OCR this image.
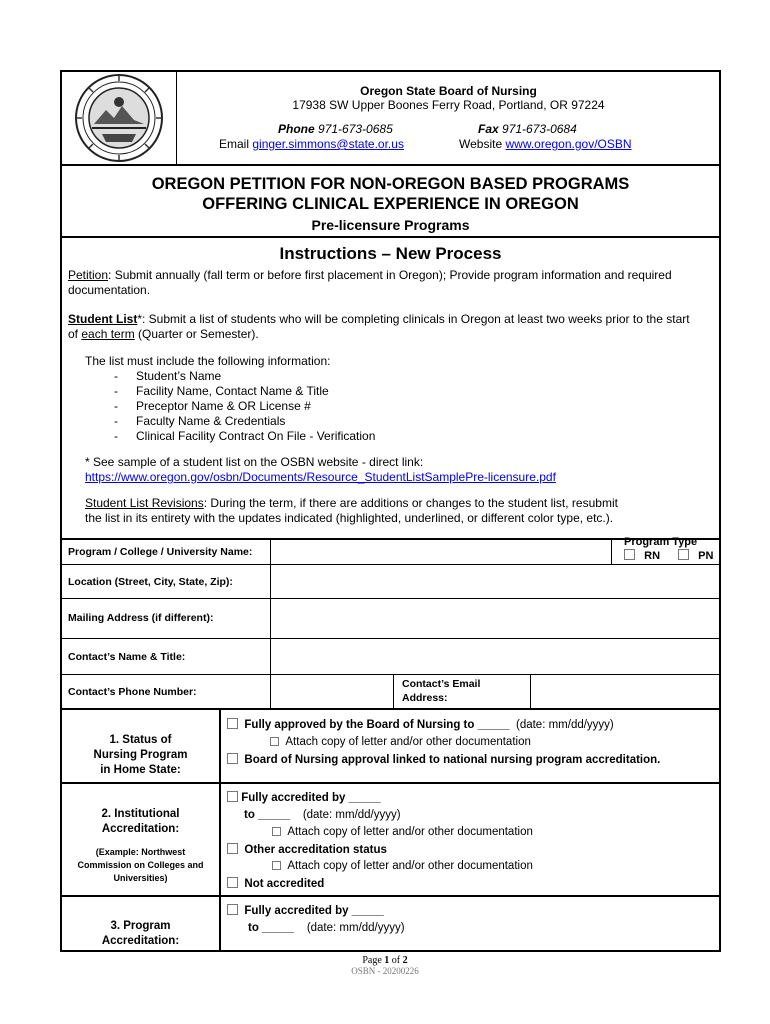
Oregon State Board of Nursing
17938 SW Upper Boones Ferry Road, Portland, OR 97224
Phone 971-673-0685	Fax 971-673-0684
Email ginger.simmons@state.or.us	Website www.oregon.gov/OSBN
OREGON PETITION FOR NON-OREGON BASED PROGRAMS
OFFERING CLINICAL EXPERIENCE IN OREGON
Pre-licensure Programs
Instructions – New Process
Petition: Submit annually (fall term or before first placement in Oregon); Provide program information and required
documentation.
Student List*: Submit a list of students who will be completing clinicals in Oregon at least two weeks prior to the start
of each term (Quarter or Semester).
The list must include the following information:
- Student’s Name
- Facility Name, Contact Name & Title
- Preceptor Name & OR License #
- Faculty Name & Credentials
- Clinical Facility Contract On File - Verification
* See sample of a student list on the OSBN website - direct link:
https://www.oregon.gov/osbn/Documents/Resource_StudentListSamplePre-licensure.pdf
Student List Revisions: During the term, if there are additions or changes to the student list, resubmit
the list in its entirety with the updates indicated (highlighted, underlined, or different color type, etc.).
Program / College / University Name:
Program Type
RN	PN
Location (Street, City, State, Zip):
Mailing Address (if different):
Contact’s Name & Title:
Contact’s Phone Number:
Contact’s Email
Address:
1. Status of
Nursing Program
in Home State:
Fully approved by the Board of Nursing to _____  (date: mm/dd/yyyy)
Attach copy of letter and/or other documentation
Board of Nursing approval linked to national nursing program accreditation.
2. Institutional
Accreditation:
(Example: Northwest
Commission on Colleges and
Universities)
Fully accredited by _____
to _____ (date: mm/dd/yyyy)
Attach copy of letter and/or other documentation
Other accreditation status
Attach copy of letter and/or other documentation
Not accredited
3. Program
Accreditation:
Fully accredited by _____
to _____ (date: mm/dd/yyyy)
Page 1 of 2
OSBN - 20200226
